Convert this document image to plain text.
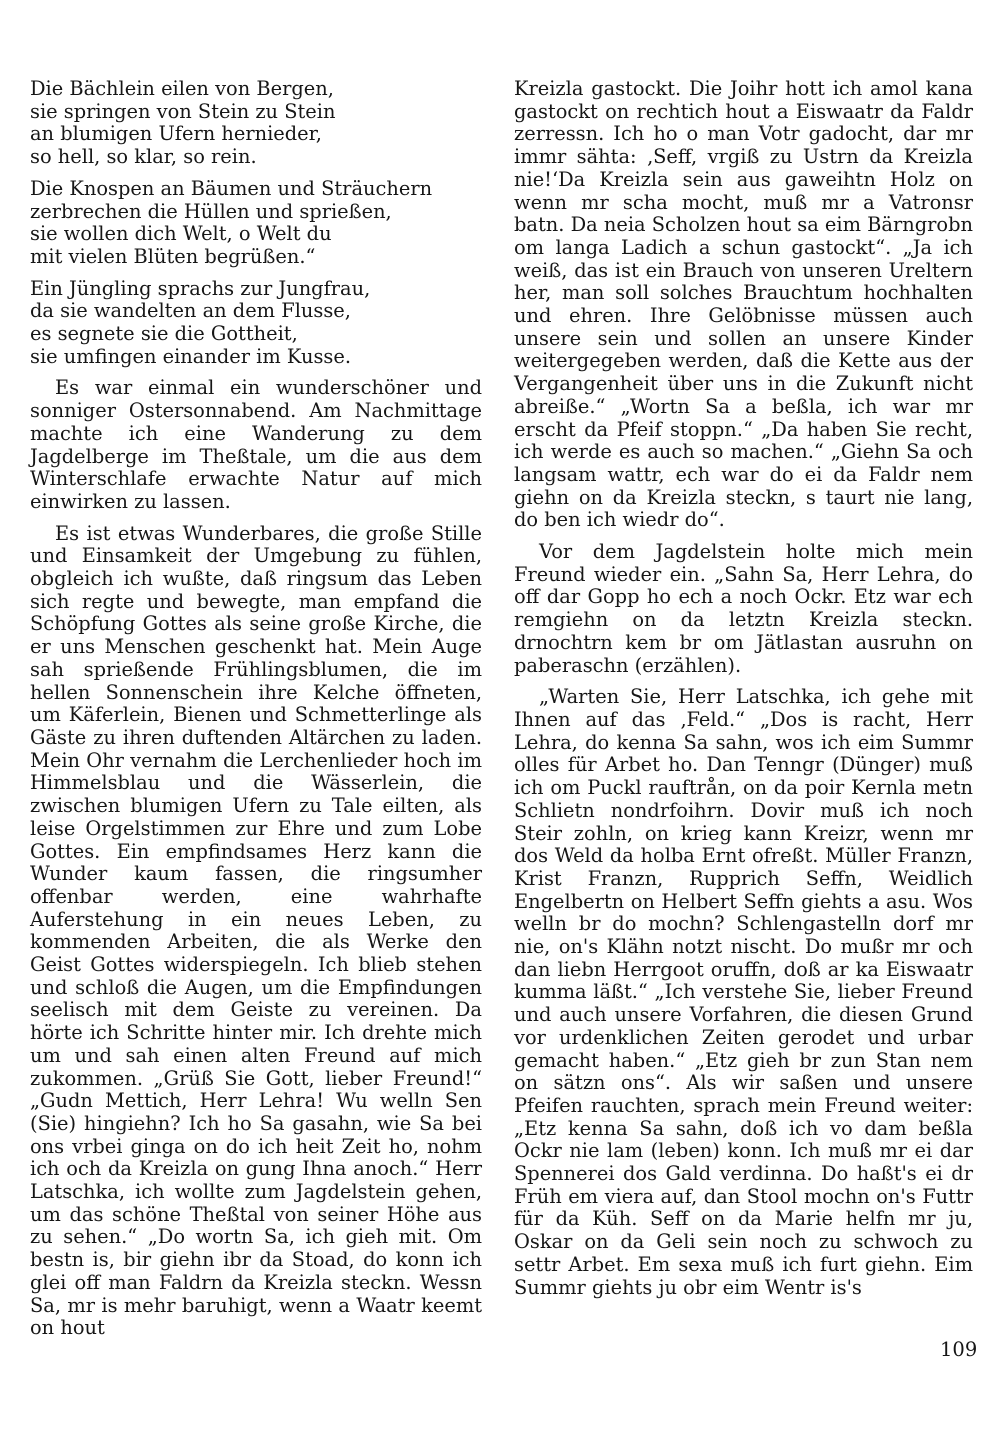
Die Bächlein eilen von Bergen,
sie springen von Stein zu Stein
an blumigen Ufern hernieder,
so hell, so klar, so rein.
Die Knospen an Bäumen und Sträuchern
zerbrechen die Hüllen und sprießen,
sie wollen dich Welt, o Welt du
mit vielen Blüten begrüßen.“
Ein Jüngling sprachs zur Jungfrau,
da sie wandelten an dem Flusse,
es segnete sie die Gottheit,
sie umfingen einander im Kusse.

Es war einmal ein wunderschöner und sonniger Ostersonnabend. Am Nachmittage machte ich eine Wanderung zu dem Jagdelberge im Theßtale, um die aus dem Winterschlafe erwachte Natur auf mich einwirken zu lassen.

Es ist etwas Wunderbares, die große Stille und Einsamkeit der Umgebung zu fühlen, obgleich ich wußte, daß ringsum das Leben sich regte und bewegte, man empfand die Schöpfung Gottes als seine große Kirche, die er uns Menschen geschenkt hat. Mein Auge sah sprießende Frühlingsblumen, die im hellen Sonnenschein ihre Kelche öffneten, um Käferlein, Bienen und Schmetterlinge als Gäste zu ihren duftenden Altärchen zu laden. Mein Ohr vernahm die Lerchenlieder hoch im Himmelsblau und die Wässerlein, die zwischen blumigen Ufern zu Tale eilten, als leise Orgelstimmen zur Ehre und zum Lobe Gottes. Ein empfindsames Herz kann die Wunder kaum fassen, die ringsumher offenbar werden, eine wahrhafte Auferstehung in ein neues Leben, zu kommenden Arbeiten, die als Werke den Geist Gottes widerspiegeln. Ich blieb stehen und schloß die Augen, um die Empfindungen seelisch mit dem Geiste zu vereinen. Da hörte ich Schritte hinter mir. Ich drehte mich um und sah einen alten Freund auf mich zukommen. „Grüß Sie Gott, lieber Freund!“ „Gudn Mettich, Herr Lehra! Wu welln Sen (Sie) hingiehn? Ich ho Sa gasahn, wie Sa bei ons vrbei ginga on do ich heit Zeit ho, nohm ich och da Kreizla on gung Ihna anoch.“ Herr Latschka, ich wollte zum Jagdelstein gehen, um das schöne Theßtal von seiner Höhe aus zu sehen.“ „Do wortn Sa, ich gieh mit. Om bestn is, bir giehn ibr da Stoad, do konn ich glei off man Faldrn da Kreizla steckn. Wessn Sa, mr is mehr baruhigt, wenn a Waatr keemt on hout

Kreizla gastockt. Die Joihr hott ich amol kana gastockt on rechtich hout a Eiswaatr da Faldr zerressn. Ich ho o man Votr gadocht, dar mr immr sähta: ‚Seff, vrgiß zu Ustrn da Kreizla nie!‘Da Kreizla sein aus gaweihtn Holz on wenn mr scha mocht, muß mr a Vatronsr batn. Da neia Scholzen hout sa eim Bärngrobn om langa Ladich a schun gastockt“. „Ja ich weiß, das ist ein Brauch von unseren Ureltern her, man soll solches Brauchtum hochhalten und ehren. Ihre Gelöbnisse müssen auch unsere sein und sollen an unsere Kinder weitergegeben werden, daß die Kette aus der Vergangenheit über uns in die Zukunft nicht abreiße.“ „Wortn Sa a beßla, ich war mr erscht da Pfeif stoppn.“ „Da haben Sie recht, ich werde es auch so machen.“ „Giehn Sa och langsam wattr, ech war do ei da Faldr nem giehn on da Kreizla steckn, s taurt nie lang, do ben ich wiedr do“.

Vor dem Jagdelstein holte mich mein Freund wieder ein. „Sahn Sa, Herr Lehra, do off dar Gopp ho ech a noch Ockr. Etz war ech remgiehn on da letztn Kreizla steckn. drnochtrn kem br om Jätlastan ausruhn on paberaschn (erzählen).

„Warten Sie, Herr Latschka, ich gehe mit Ihnen auf das ‚Feld.“ „Dos is racht, Herr Lehra, do kenna Sa sahn, wos ich eim Summr olles für Arbet ho. Dan Tenngr (Dünger) muß ich om Puckl rauftrån, on da poir Kernla metn Schlietn nondrfoihrn. Dovir muß ich noch Steir zohln, on krieg kann Kreizr, wenn mr dos Weld da holba Ernt ofreßt. Müller Franzn, Krist Franzn, Rupprich Seffn, Weidlich Engelbertn on Helbert Seffn giehts a asu. Wos welln br do mochn? Schlengastelln dorf mr nie, on's Klähn notzt nischt. Do mußr mr och dan liebn Herrgoot oruffn, doß ar ka Eiswaatr kumma läßt.“ „Ich verstehe Sie, lieber Freund und auch unsere Vorfahren, die diesen Grund vor urdenklichen Zeiten gerodet und urbar gemacht haben.“ „Etz gieh br zun Stan nem on sätzn ons“. Als wir saßen und unsere Pfeifen rauchten, sprach mein Freund weiter: „Etz kenna Sa sahn, doß ich vo dam beßla Ockr nie lam (leben) konn. Ich muß mr ei dar Spennerei dos Gald verdinna. Do haßt's ei dr Früh em viera auf, dan Stool mochn on's Futtr für da Küh. Seff on da Marie helfn mr ju, Oskar on da Geli sein noch zu schwoch zu settr Arbet. Em sexa muß ich furt giehn. Eim Summr giehts ju obr eim Wentr is's

109
